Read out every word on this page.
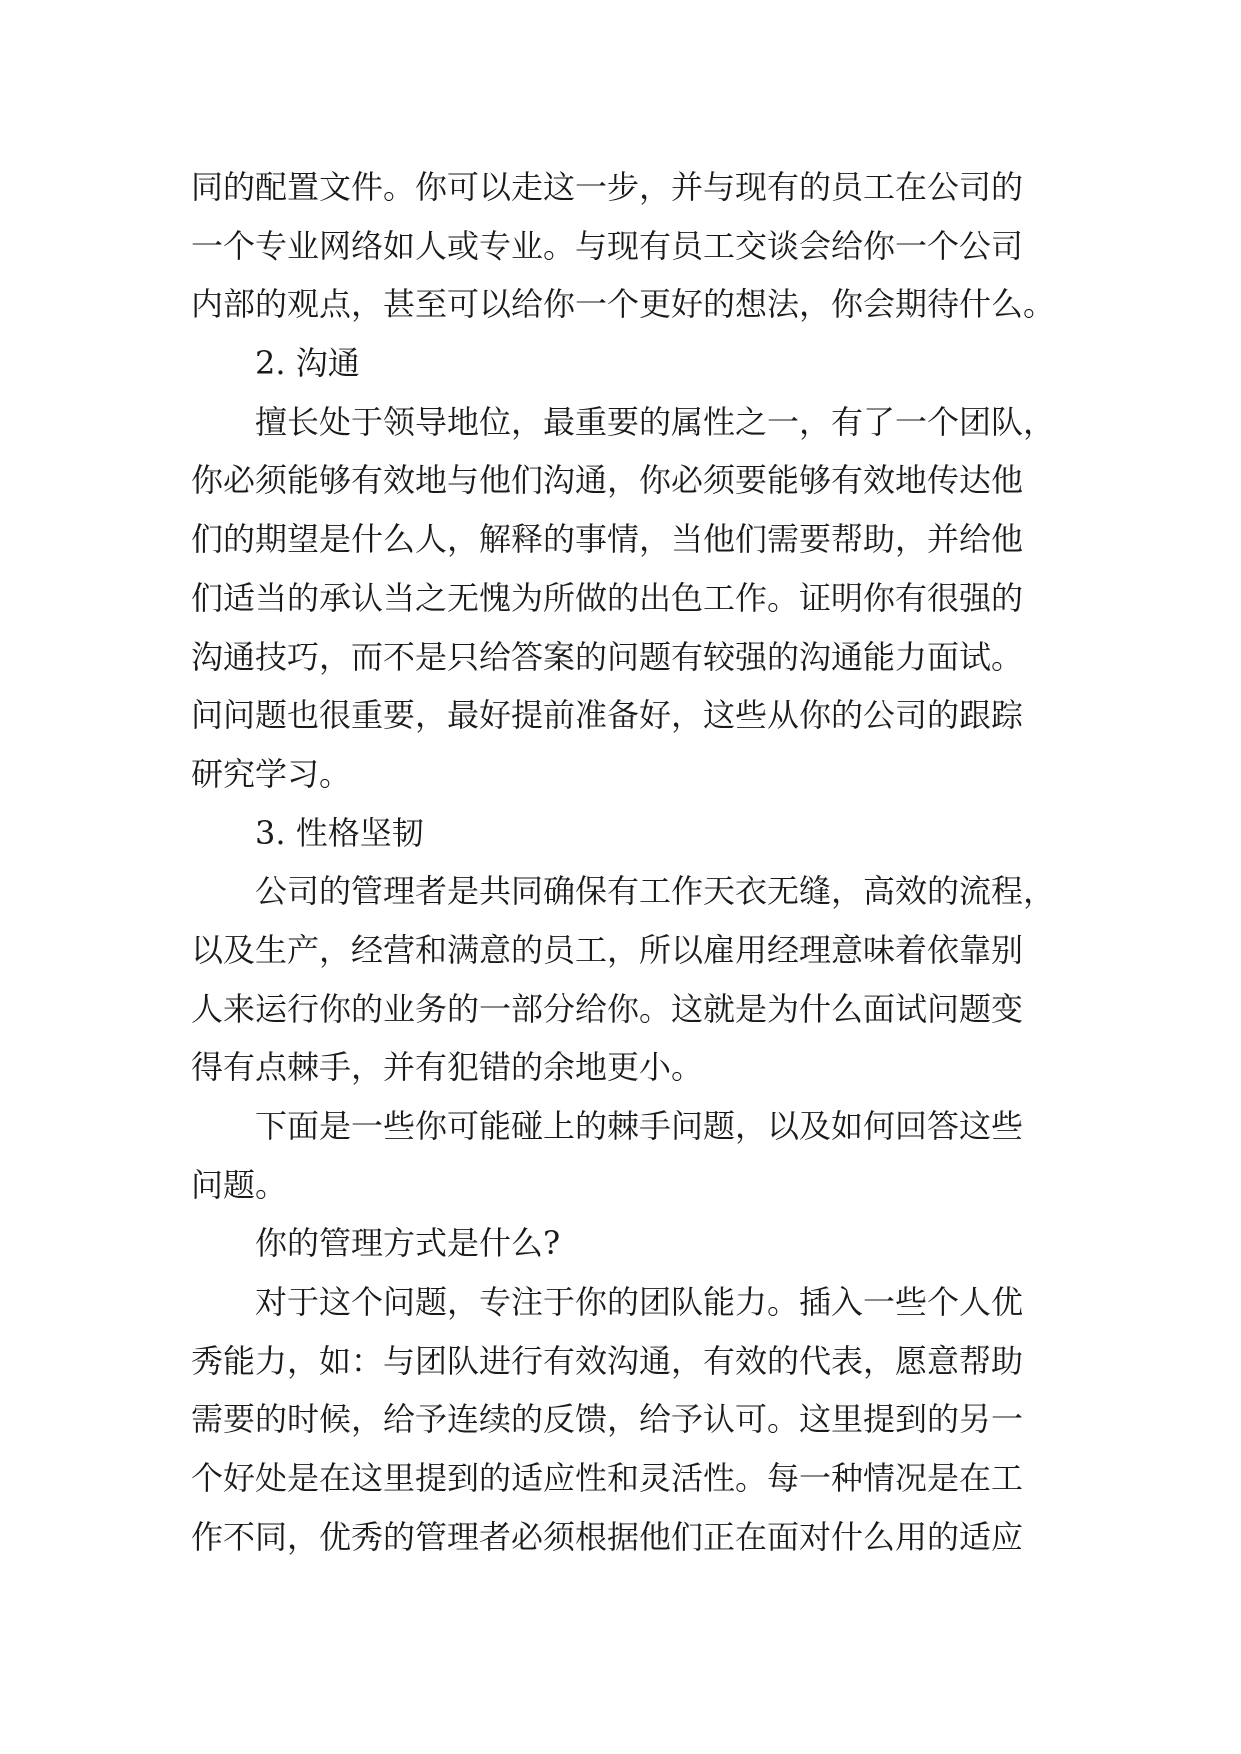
同的配置文件。你可以走这一步，并与现有的员工在公司的
一个专业网络如人或专业。与现有员工交谈会给你一个公司
内部的观点，甚至可以给你一个更好的想法，你会期待什么。
2. 沟通
擅长处于领导地位，最重要的属性之一，有了一个团队，
你必须能够有效地与他们沟通，你必须要能够有效地传达他
们的期望是什么人，解释的事情，当他们需要帮助，并给他
们适当的承认当之无愧为所做的出色工作。证明你有很强的
沟通技巧，而不是只给答案的问题有较强的沟通能力面试。
问问题也很重要，最好提前准备好，这些从你的公司的跟踪
研究学习。
3. 性格坚韧
公司的管理者是共同确保有工作天衣无缝，高效的流程，
以及生产，经营和满意的员工，所以雇用经理意味着依靠别
人来运行你的业务的一部分给你。这就是为什么面试问题变
得有点棘手，并有犯错的余地更小。
下面是一些你可能碰上的棘手问题，以及如何回答这些
问题。
你的管理方式是什么?
对于这个问题，专注于你的团队能力。插入一些个人优
秀能力，如：与团队进行有效沟通，有效的代表，愿意帮助
需要的时候，给予连续的反馈，给予认可。这里提到的另一
个好处是在这里提到的适应性和灵活性。每一种情况是在工
作不同，优秀的管理者必须根据他们正在面对什么用的适应
